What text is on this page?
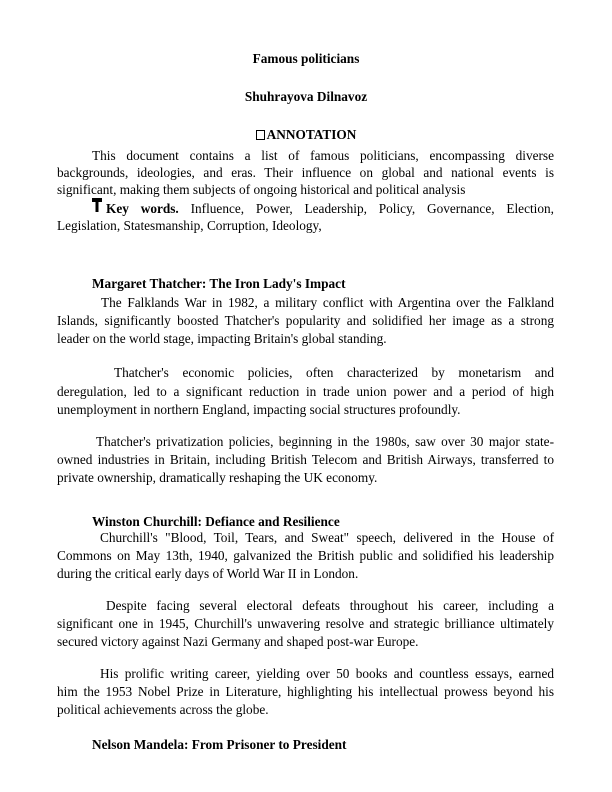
Famous politicians

Shuhrayova Dilnavoz

ANNOTATION

This document contains a list of famous politicians, encompassing diverse

backgrounds, ideologies, and eras. Their influence on global and national events is

significant, making them subjects of ongoing historical and political analysis

Key words. Influence, Power, Leadership, Policy, Governance, Election,

Legislation, Statesmanship, Corruption, Ideology,

Margaret Thatcher: The Iron Lady's Impact

The Falklands War in 1982, a military conflict with Argentina over the Falkland

Islands, significantly boosted Thatcher's popularity and solidified her image as a strong

leader on the world stage, impacting Britain's global standing.

Thatcher's economic policies, often characterized by monetarism and

deregulation, led to a significant reduction in trade union power and a period of high

unemployment in northern England, impacting social structures profoundly.

Thatcher's privatization policies, beginning in the 1980s, saw over 30 major state-

owned industries in Britain, including British Telecom and British Airways, transferred to

private ownership, dramatically reshaping the UK economy.

Winston Churchill: Defiance and Resilience

Churchill's "Blood, Toil, Tears, and Sweat" speech, delivered in the House of

Commons on May 13th, 1940, galvanized the British public and solidified his leadership

during the critical early days of World War II in London.

Despite facing several electoral defeats throughout his career, including a

significant one in 1945, Churchill's unwavering resolve and strategic brilliance ultimately

secured victory against Nazi Germany and shaped post-war Europe.

His prolific writing career, yielding over 50 books and countless essays, earned

him the 1953 Nobel Prize in Literature, highlighting his intellectual prowess beyond his

political achievements across the globe.

Nelson Mandela: From Prisoner to President
